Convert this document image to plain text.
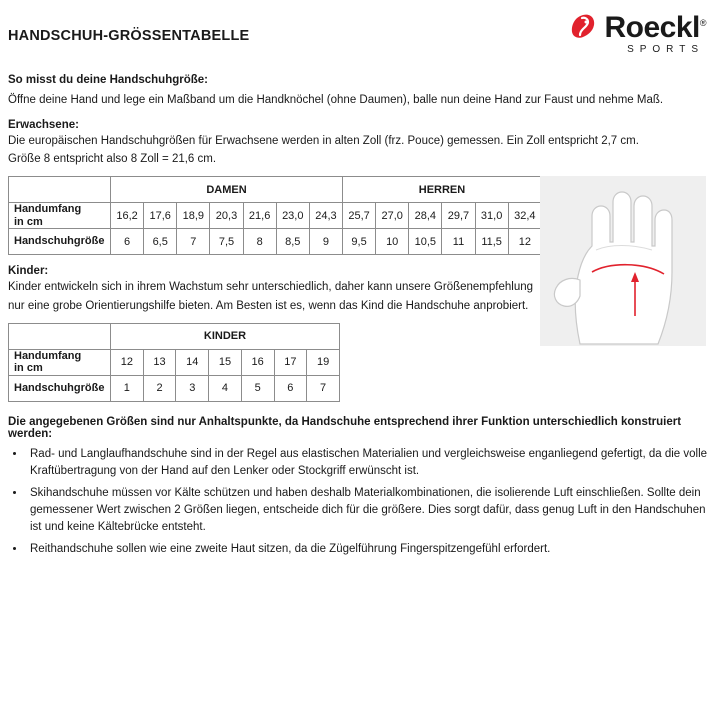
HANDSCHUH-GRÖSSENTABELLE	Roeckl®
SPORTS
So misst du deine Handschuhgröße:
Öffne deine Hand und lege ein Maßband um die Handknöchel (ohne Daumen), balle nun deine Hand zur Faust und nehme Maß.
Erwachsene:
Die europäischen Handschuhgrößen für Erwachsene werden in alten Zoll (frz. Pouce) gemessen. Ein Zoll entspricht 2,7 cm.
Größe 8 entspricht also 8 Zoll = 21,6 cm.
	DAMEN							HERREN					

Handumfang
in cm	16,2	17,6	18,9	20,3	21,6	23,0	24,3	25,7	27,0	28,4	29,7	31,0	32,4
Handschuhgröße	6	6,5	7	7,5	8	8,5	9	9,5	10	10,5	11	11,5	12
Kinder:
Kinder entwickeln sich in ihrem Wachstum sehr unterschiedlich, daher kann unsere Größenempfehlung
nur eine grobe Orientierungshilfe bieten. Am Besten ist es, wenn das Kind die Handschuhe anprobiert.
	KINDER						

Handumfang
in cm	12	13	14	15	16	17	19
Handschuhgröße	1	2	3	4	5	6	7
Die angegebenen Größen sind nur Anhaltspunkte, da Handschuhe entsprechend ihrer Funktion unterschiedlich konstruiert werden:
• Rad- und Langlaufhandschuhe sind in der Regel aus elastischen Materialien und vergleichsweise enganliegend gefertigt, da die volle Kraftübertragung von der Hand auf den Lenker oder Stockgriff erwünscht ist.
• Skihandschuhe müssen vor Kälte schützen und haben deshalb Materialkombinationen, die isolierende Luft einschließen. Sollte dein gemessener Wert zwischen 2 Größen liegen, entscheide dich für die größere. Dies sorgt dafür, dass genug Luft in den Handschuhen ist und keine Kältebrücke entsteht.
• Reithandschuhe sollen wie eine zweite Haut sitzen, da die Zügelführung Fingerspitzengefühl erfordert.
